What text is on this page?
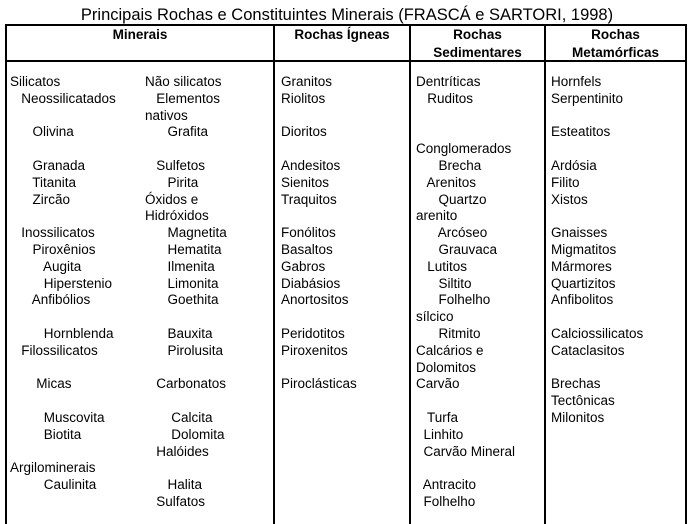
Principais Rochas e Constituintes Minerais (FRASCÁ e SARTORI, 1998)
Minerais	Rochas Ígneas	Rochas
Sedimentares
Rochas
Metamórficas
Silicatos
Neossilicatados
Olivina
Granada
Titanita
Zircão
Inossilicatos
Piroxênios
Augita
Hiperstenio
Anfibólios
Hornblenda
Filossilicatos
Micas
Muscovita
Biotita
Argilominerais
Caulinita
Não silicatos
Elementos
nativos
Grafita
Sulfetos
Pirita
Óxidos e
Hidróxidos
Magnetita
Hematita
Ilmenita
Limonita
Goethita
Bauxita
Pirolusita
Carbonatos
Calcita
Dolomita
Halóides
Halita
Sulfatos
Granitos
Riolitos
Dioritos
Andesitos
Sienitos
Traquitos
Fonólitos
Basaltos
Gabros
Diabásios
Anortositos
Peridotitos
Piroxenitos
Piroclásticas
Dentríticas
Ruditos
Conglomerados
Brecha
Arenitos
Quartzo
arenito
Arcóseo
Grauvaca
Lutitos
Siltito
Folhelho
sílcico
Ritmito
Calcários e
Dolomitos
Carvão
Turfa
Linhito
Carvão Mineral
Antracito
Folhelho
Hornfels
Serpentinito
Esteatitos
Ardósia
Filito
Xistos
Gnaisses
Migmatitos
Mármores
Quartizitos
Anfibolitos
Calciossilicatos
Cataclasitos
Brechas
Tectônicas
Milonitos
